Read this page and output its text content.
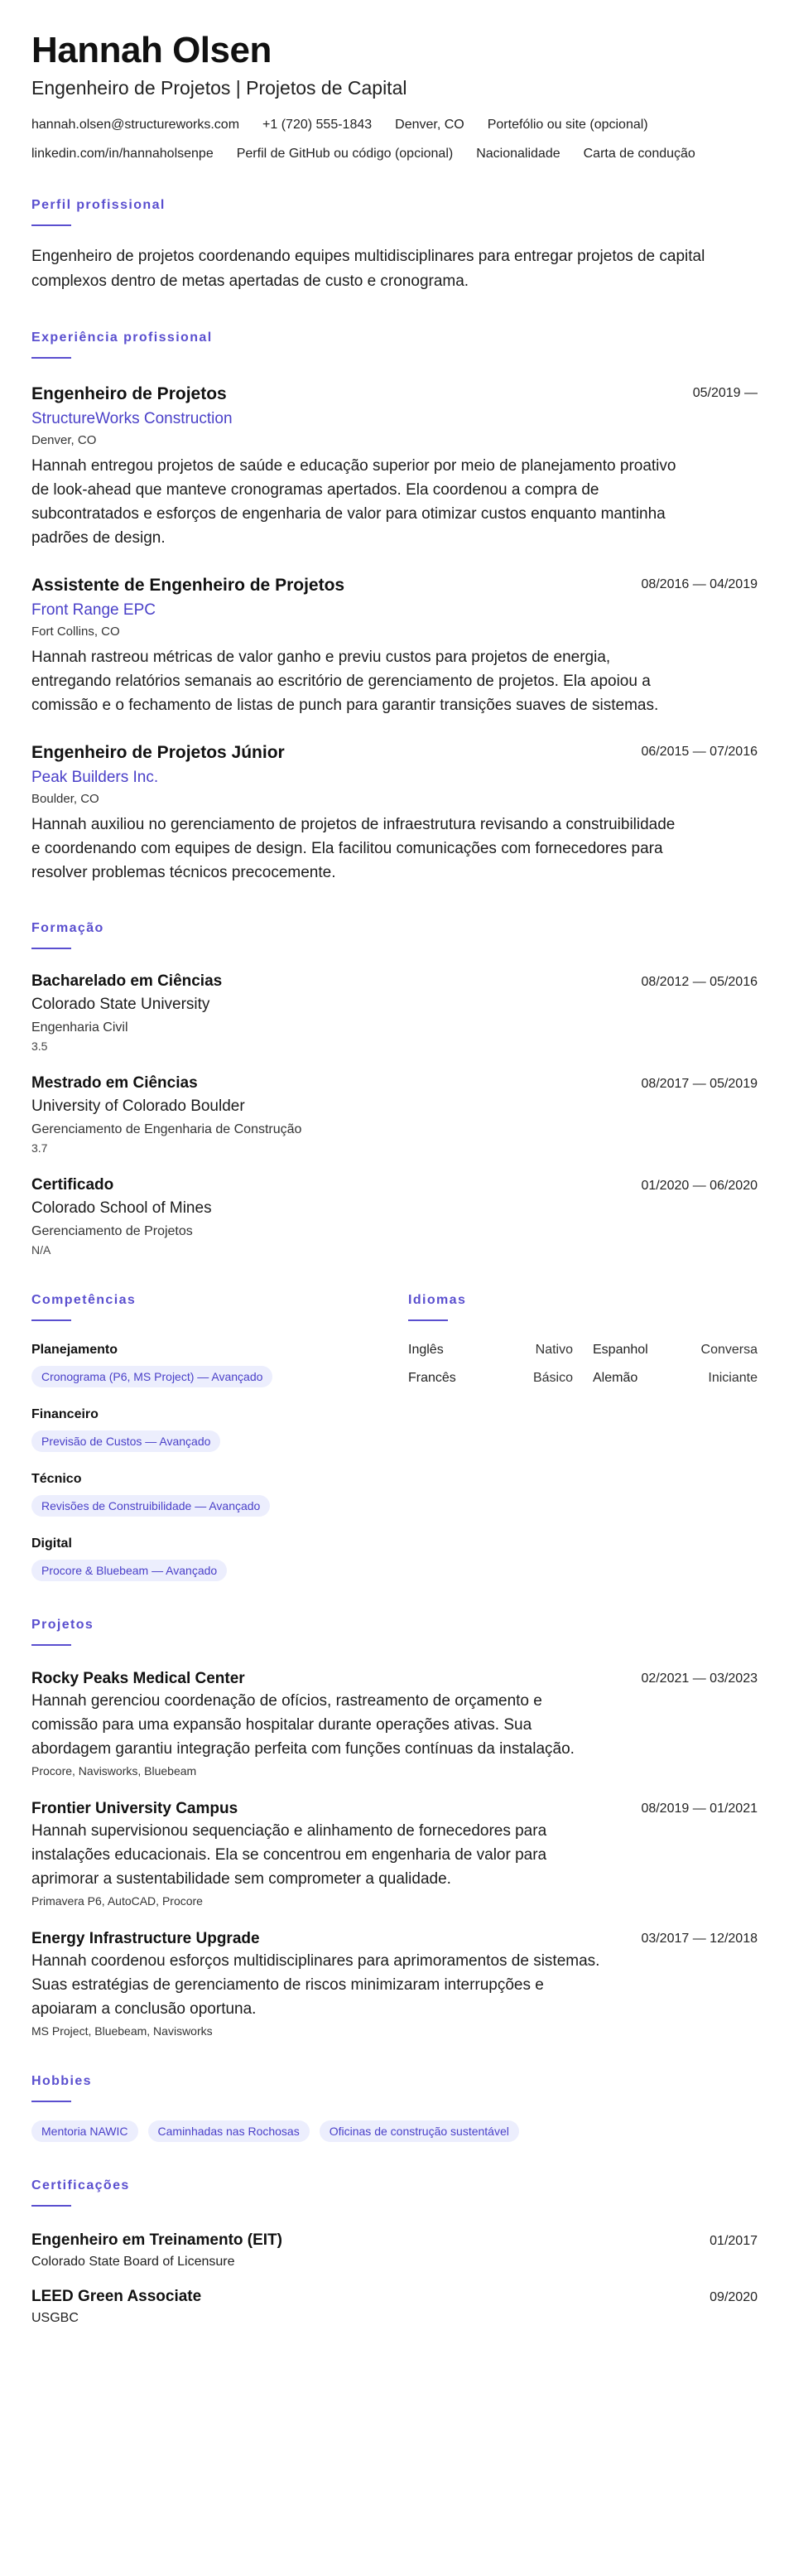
Hannah Olsen
Engenheiro de Projetos | Projetos de Capital
hannah.olsen@structureworks.com +1 (720) 555-1843 Denver, CO Portefólio ou site (opcional)
linkedin.com/in/hannaholsenpe Perfil de GitHub ou código (opcional) Nacionalidade Carta de condução
Perfil profissional

Engenheiro de projetos coordenando equipes multidisciplinares para entregar projetos de capital complexos dentro de metas apertadas de custo e cronograma.

Experiência profissional
Engenheiro de Projetos	05/2019 —
StructureWorks Construction
Denver, CO

Hannah entregou projetos de saúde e educação superior por meio de planejamento proativo de look-ahead que manteve cronogramas apertados. Ela coordenou a compra de subcontratados e esforços de engenharia de valor para otimizar custos enquanto mantinha padrões de design.

Assistente de Engenheiro de Projetos	08/2016 — 04/2019
Front Range EPC
Fort Collins, CO

Hannah rastreou métricas de valor ganho e previu custos para projetos de energia, entregando relatórios semanais ao escritório de gerenciamento de projetos. Ela apoiou a comissão e o fechamento de listas de punch para garantir transições suaves de sistemas.

Engenheiro de Projetos Júnior	06/2015 — 07/2016
Peak Builders Inc.
Boulder, CO

Hannah auxiliou no gerenciamento de projetos de infraestrutura revisando a construibilidade e coordenando com equipes de design. Ela facilitou comunicações com fornecedores para resolver problemas técnicos precocemente.

Formação
Bacharelado em Ciências	08/2012 — 05/2016
Colorado State University
Engenharia Civil
3.5
Mestrado em Ciências	08/2017 — 05/2019
University of Colorado Boulder
Gerenciamento de Engenharia de Construção
3.7
Certificado	01/2020 — 06/2020
Colorado School of Mines
Gerenciamento de Projetos
N/A
Competências
Planejamento
Cronograma (P6, MS Project) — Avançado
Financeiro
Previsão de Custos — Avançado
Técnico
Revisões de Construibilidade — Avançado
Digital
Procore & Bluebeam — Avançado
Idiomas
Inglês	Nativo Espanhol	Conversa
Francês	Básico Alemão	Iniciante
Projetos
Rocky Peaks Medical Center	02/2021 — 03/2023

Hannah gerenciou coordenação de ofícios, rastreamento de orçamento e comissão para uma expansão hospitalar durante operações ativas. Sua abordagem garantiu integração perfeita com funções contínuas da instalação.

Procore, Navisworks, Bluebeam
Frontier University Campus	08/2019 — 01/2021

Hannah supervisionou sequenciação e alinhamento de fornecedores para instalações educacionais. Ela se concentrou em engenharia de valor para aprimorar a sustentabilidade sem comprometer a qualidade.

Primavera P6, AutoCAD, Procore
Energy Infrastructure Upgrade	03/2017 — 12/2018

Hannah coordenou esforços multidisciplinares para aprimoramentos de sistemas. Suas estratégias de gerenciamento de riscos minimizaram interrupções e apoiaram a conclusão oportuna.

MS Project, Bluebeam, Navisworks
Hobbies
Mentoria NAWIC	Caminhadas nas Rochosas	Oficinas de construção sustentável
Certificações
Engenheiro em Treinamento (EIT)	01/2017
Colorado State Board of Licensure
LEED Green Associate	09/2020
USGBC
